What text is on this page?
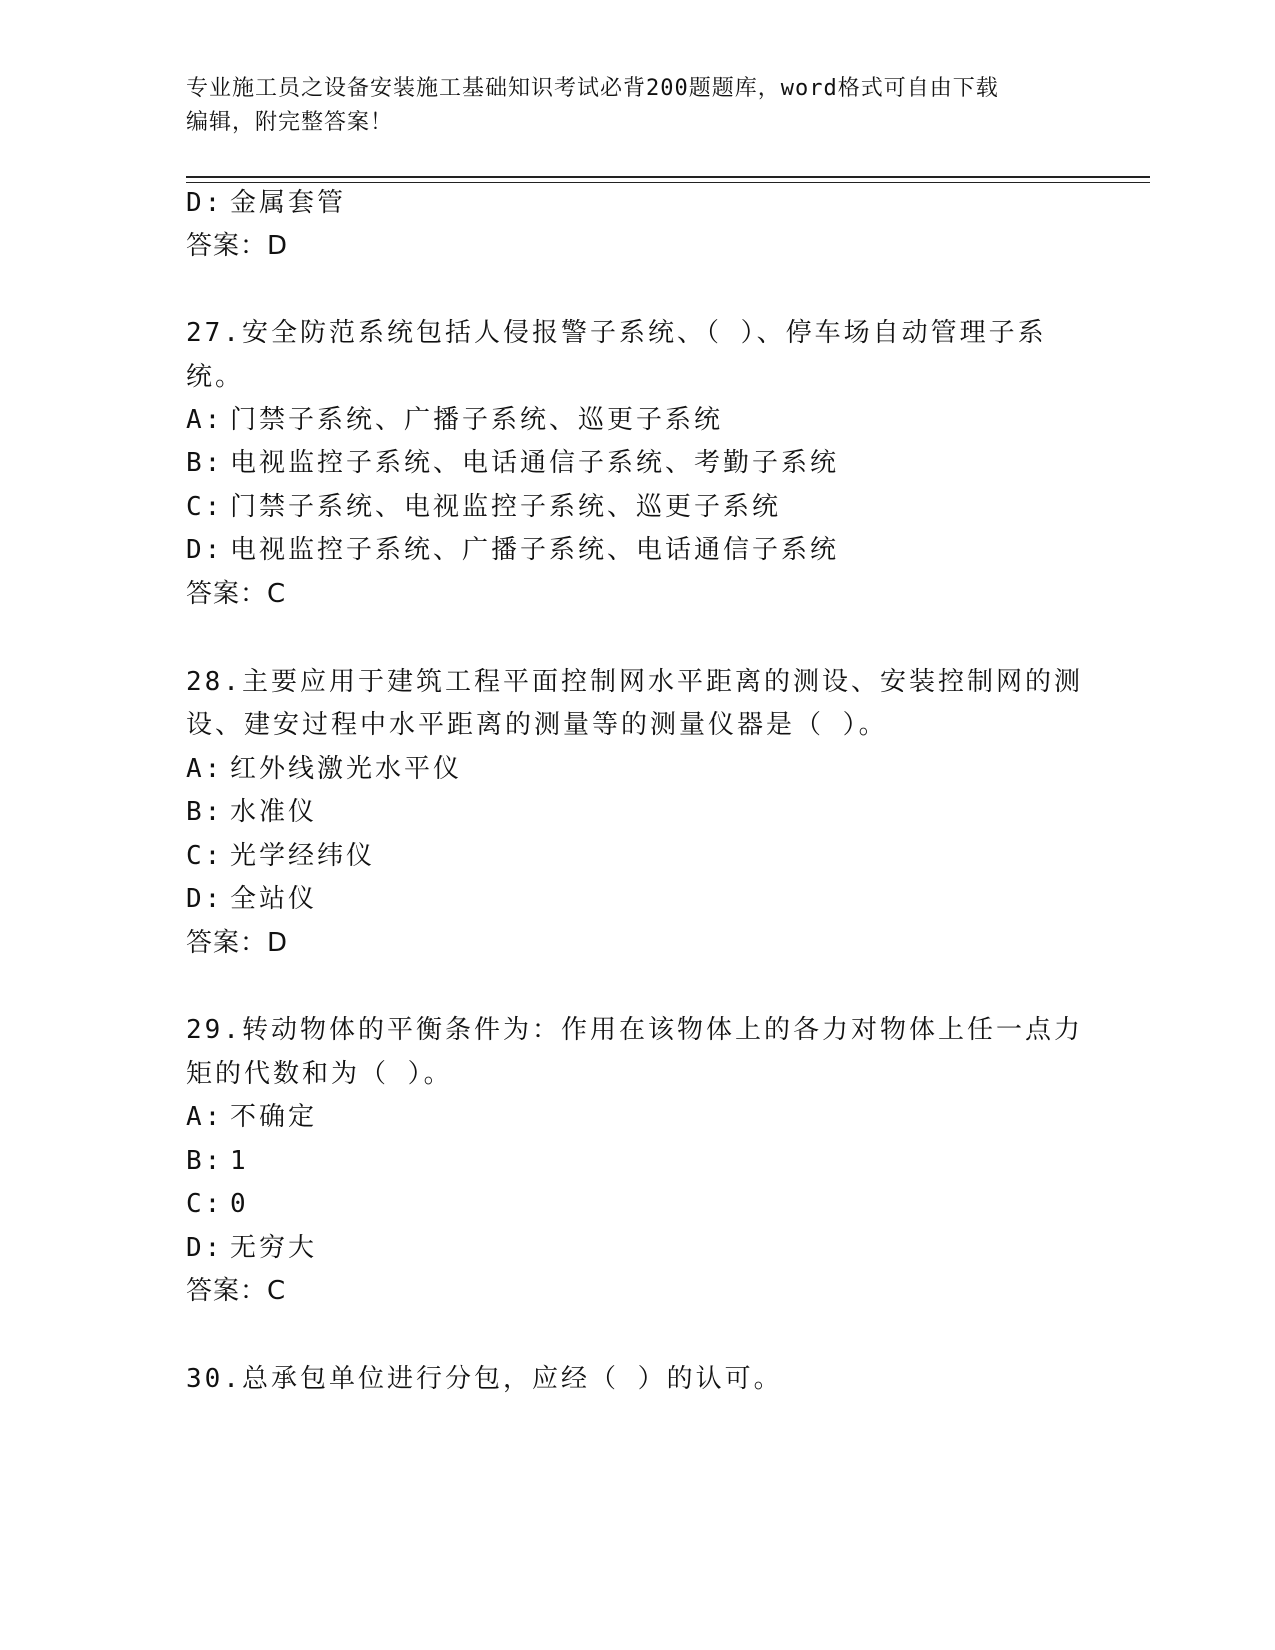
专业施工员之设备安装施工基础知识考试必背200题题库，word格式可自由下载
编辑，附完整答案！
D: 金属套管
答案：D
27.安全防范系统包括人侵报警子系统、（ ）、停车场自动管理子系
统。
A: 门禁子系统、广播子系统、巡更子系统
B: 电视监控子系统、电话通信子系统、考勤子系统
C: 门禁子系统、电视监控子系统、巡更子系统
D: 电视监控子系统、广播子系统、电话通信子系统
答案：C
28.主要应用于建筑工程平面控制网水平距离的测设、安装控制网的测
设、建安过程中水平距离的测量等的测量仪器是（ ）。
A: 红外线激光水平仪
B: 水准仪
C: 光学经纬仪
D: 全站仪
答案：D
29.转动物体的平衡条件为：作用在该物体上的各力对物体上任一点力
矩的代数和为（ ）。
A: 不确定
B: 1
C: 0
D: 无穷大
答案：C
30.总承包单位进行分包，应经（ ）的认可。
